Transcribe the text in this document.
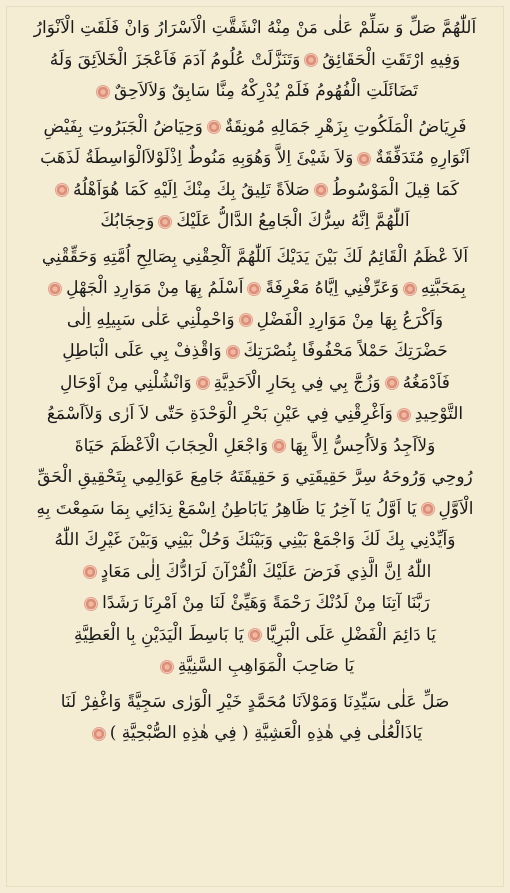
اَللّٰهُمَّ صَلِّ وَ سَلِّمْ عَلٰى مَنْ مِنْهُ انْشَقَّتِ الْاَسْرَارُ وَانْ فَلَقَتِ الْاَنْوَارُ
وَفِيهِ ارْتَقَتِ الْحَقَائِقُوَتَنَزَّلَتْ عُلُومُ آدَمَ فَاَعْجَزَ الْخَلاَئِقَ وَلَهُ
تَضَائَلَتِ الْفُهُومُ فَلَمْ يُدْرِكْهُ مِنَّا سَابِقٌ وَلاَلاَحِقٌ
فَرِيَاضُ الْمَلَكُوتِ بِزَهْرِ جَمَالِهِ مُونِقَةٌوَحِيَاضُ الْجَبَرُوتِ بِفَيْضِ
اَنْوَارِهِ مُتَدَفِّقَةٌوَلاَ شَيْئَ اِلاَّ وَهُوَبِهِ مَنُوطٌ اِذْلَوْلاَالْوَاسِطَةُ لَذَهَبَ
كَمَا قِيلَ الْمَوْسُوطُصَلاَةً تَلِيقُ بِكَ مِنْكَ اِلَيْهِ كَمَا هُوَاَهْلُهُ
اَللّٰهُمَّ اِنَّهُ سِرُّكَ الْجَامِعُ الدَّالُّ عَلَيْكَوَحِجَابُكَ
اَلاَ عْظَمُ الْقَائِمُ لَكَ بَيْنَ يَدَيْكَ اَللّٰهُمَّ اَلْحِقْنِي بِصَالِحِ اُمَّتِهِ وَحَقِّقْنِي
بِمَحَبَّتِهِوَعَرِّفْنِي اِيَّاهُ مَعْرِفَةًاَسْلَمُ بِهَا مِنْ مَوَارِدِ الْجَهْلِ
وَاَكْرَعُ بِهَا مِنْ مَوَارِدِ الْفَضْلِوَاحْمِلْنِي عَلٰى سَبِيلِهِ اِلٰى
حَضْرَتِكَ حَمْلاً مَحْفُوفًا بِنُصْرَتِكَوَاقْذِفْ بِي عَلَى الْبَاطِلِ
فَاَدْمَغُهُوَزُجَّ بِي فِي بِحَارِ الْاَحَدِيَّةِوَانْشُلْنِي مِنْ اَوْحَالِ
التَّوْحِيدِوَاَغْرِقْنِي فِي عَيْنِ بَحْرِ الْوَحْدَةِ حَتّٰى لاَ اَرٰى وَلاَاَسْمَعُ
وَلاَاَجِدُ وَلاَاُحِسُّ اِلاَّ بِهَاوَاجْعَلِ الْحِجَابَ الْاَعْظَمَ حَيَاةَ
رُوحِي وَرُوحَهُ سِرَّ حَقِيقَتِي وَ حَقِيقَتَهُ جَامِعَ عَوَالِمِي بِتَحْقِيقِ الْحَقِّ
الْاَوَّلِيَا اَوَّلُ يَا آخِرُ يَا ظَاهِرُ يَابَاطِنُ اِسْمَعْ نِدَائِي بِمَا سَمِعْتَ بِهِ
وَاَيِّدْنِي بِكَ لَكَ وَاجْمَعْ بَيْنِي وَبَيْنَكَ وَحُلْ بَيْنِي وَبَيْنَ غَيْرِكَ اللّٰهُ
اللّٰهُ اِنَّ الَّذِي فَرَضَ عَلَيْكَ الْقُرْآنَ لَرَادُّكَ اِلٰى مَعَادٍ
رَبَّنَا آتِنَا مِنْ لَدُنْكَ رَحْمَةً وَهَيِّئْ لَنَا مِنْ اَمْرِنَا رَشَدًا
يَا دَائِمَ الْفَضْلِ عَلَى الْبَرِيَّايَا بَاسِطَ الْيَدَيْنِ بِا الْعَطِيَّةِ
يَا صَاحِبَ الْمَوَاهِبِ السَّنِيَّةِ
صَلِّ عَلٰى سَيِّدِنَا وَمَوْلاَنَا مُحَمَّدٍ خَيْرِ الْوَرٰى سَجِيَّةً وَاغْفِرْ لَنَا
يَاذَالْعُلٰى فِي هٰذِهِ الْعَشِيَّةِ ( فِي هٰذِهِ الصُّبْحِيَّةِ )
